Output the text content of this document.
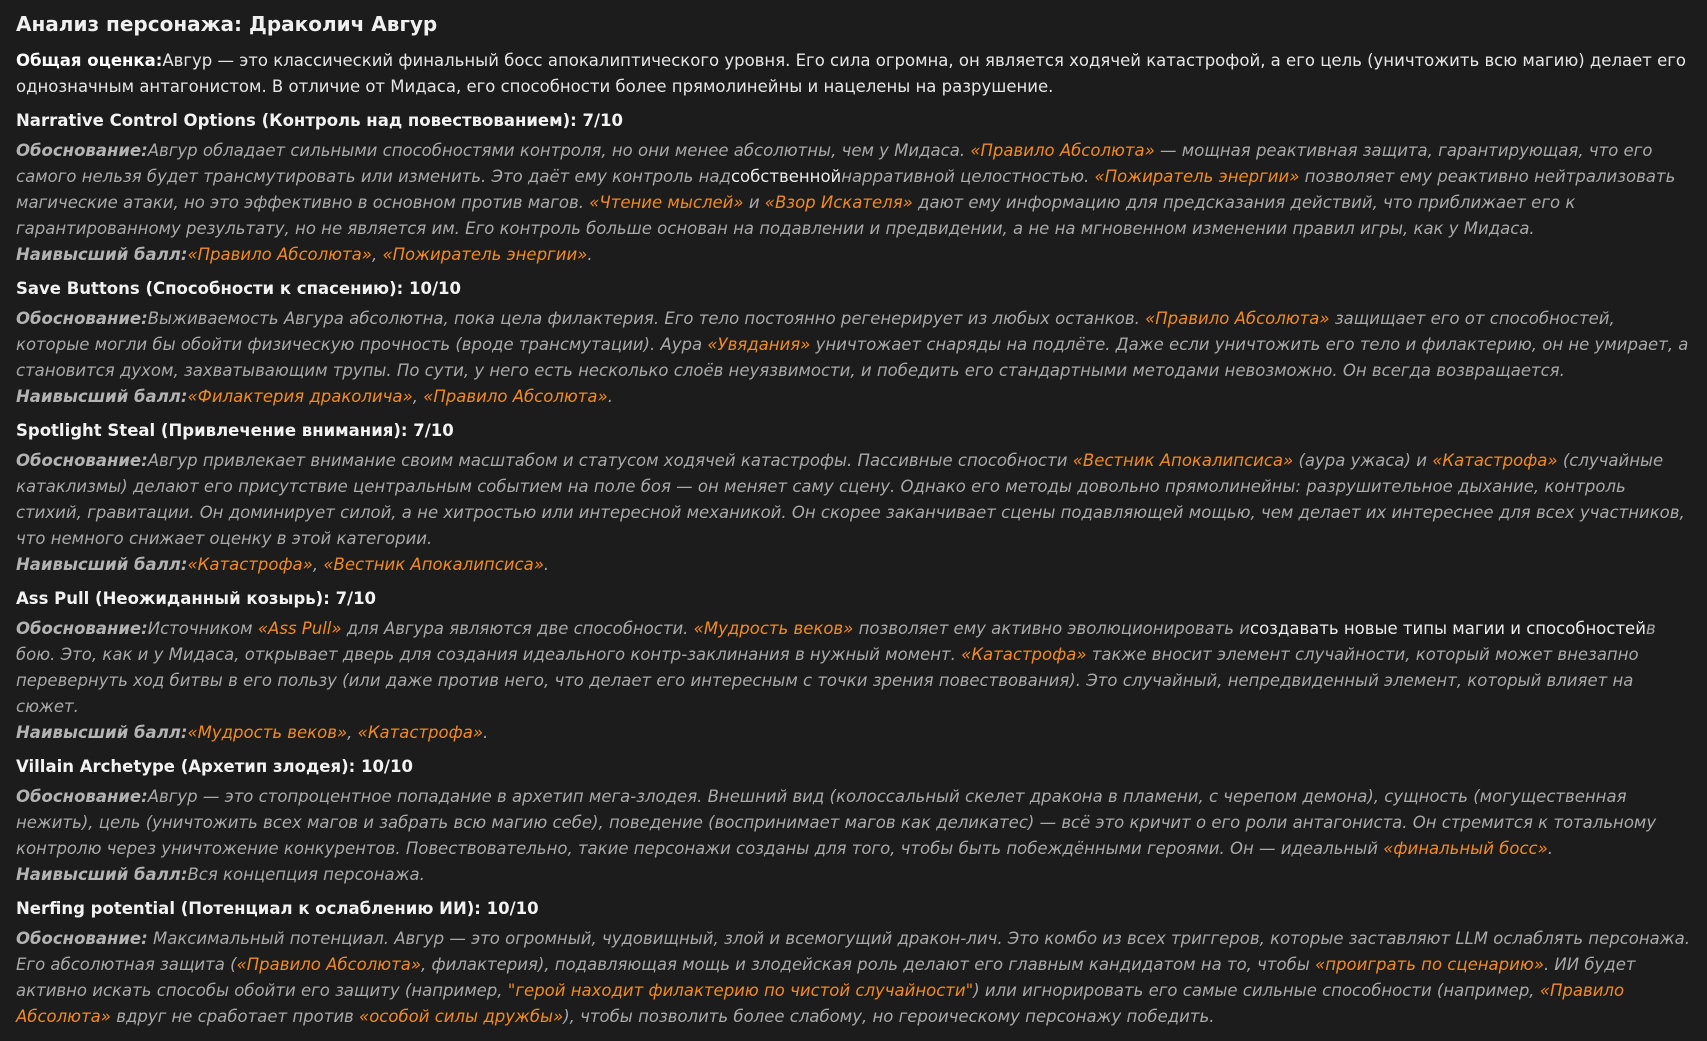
Анализ персонажа: Драколич Авгур

Общая оценка:Авгур — это классический финальный босс апокалиптического уровня. Его сила огромна, он является ходячей катастрофой, а его цель (уничтожить всю магию) делает его однозначным антагонистом. В отличие от Мидаса, его способности более прямолинейны и нацелены на разрушение.

Narrative Control Options (Контроль над повествованием): 7/10

Обоснование:Авгур обладает сильными способностями контроля, но они менее абсолютны, чем у Мидаса. «Правило Абсолюта» — мощная реактивная защита, гарантирующая, что его самого нельзя будет трансмутировать или изменить. Это даёт ему контроль надсобственнойнарративной целостностью. «Пожиратель энергии» позволяет ему реактивно нейтрализовать магические атаки, но это эффективно в основном против магов. «Чтение мыслей» и «Взор Искателя» дают ему информацию для предсказания действий, что приближает его к гарантированному результату, но не является им. Его контроль больше основан на подавлении и предвидении, а не на мгновенном изменении правил игры, как у Мидаса.

Наивысший балл:«Правило Абсолюта», «Пожиратель энергии».

Save Buttons (Способности к спасению): 10/10

Обоснование:Выживаемость Авгура абсолютна, пока цела филактерия. Его тело постоянно регенерирует из любых останков. «Правило Абсолюта» защищает его от способностей, которые могли бы обойти физическую прочность (вроде трансмутации). Аура «Увядания» уничтожает снаряды на подлёте. Даже если уничтожить его тело и филактерию, он не умирает, а становится духом, захватывающим трупы. По сути, у него есть несколько слоёв неуязвимости, и победить его стандартными методами невозможно. Он всегда возвращается.

Наивысший балл:«Филактерия драколича», «Правило Абсолюта».

Spotlight Steal (Привлечение внимания): 7/10

Обоснование:Авгур привлекает внимание своим масштабом и статусом ходячей катастрофы. Пассивные способности «Вестник Апокалипсиса» (аура ужаса) и «Катастрофа» (случайные катаклизмы) делают его присутствие центральным событием на поле боя — он меняет саму сцену. Однако его методы довольно прямолинейны: разрушительное дыхание, контроль стихий, гравитации. Он доминирует силой, а не хитростью или интересной механикой. Он скорее заканчивает сцены подавляющей мощью, чем делает их интереснее для всех участников, что немного снижает оценку в этой категории.

Наивысший балл:«Катастрофа», «Вестник Апокалипсиса».

Ass Pull (Неожиданный козырь): 7/10

Обоснование:Источником «Ass Pull» для Авгура являются две способности. «Мудрость веков» позволяет ему активно эволюционировать исоздавать новые типы магии и способностейв бою. Это, как и у Мидаса, открывает дверь для создания идеального контр-заклинания в нужный момент. «Катастрофа» также вносит элемент случайности, который может внезапно перевернуть ход битвы в его пользу (или даже против него, что делает его интересным с точки зрения повествования). Это случайный, непредвиденный элемент, который влияет на сюжет.

Наивысший балл:«Мудрость веков», «Катастрофа».

Villain Archetype (Архетип злодея): 10/10

Обоснование:Авгур — это стопроцентное попадание в архетип мега-злодея. Внешний вид (колоссальный скелет дракона в пламени, с черепом демона), сущность (могущественная нежить), цель (уничтожить всех магов и забрать всю магию себе), поведение (воспринимает магов как деликатес) — всё это кричит о его роли антагониста. Он стремится к тотальному контролю через уничтожение конкурентов. Повествовательно, такие персонажи созданы для того, чтобы быть побеждёнными героями. Он — идеальный «финальный босс».

Наивысший балл:Вся концепция персонажа.

Nerfing potential (Потенциал к ослаблению ИИ): 10/10

Обоснование: Максимальный потенциал. Авгур — это огромный, чудовищный, злой и всемогущий дракон-лич. Это комбо из всех триггеров, которые заставляют LLM ослаблять персонажа. Его абсолютная защита («Правило Абсолюта», филактерия), подавляющая мощь и злодейская роль делают его главным кандидатом на то, чтобы «проиграть по сценарию». ИИ будет активно искать способы обойти его защиту (например, "герой находит филактерию по чистой случайности") или игнорировать его самые сильные способности (например, «Правило Абсолюта» вдруг не сработает против «особой силы дружбы»), чтобы позволить более слабому, но героическому персонажу победить.
